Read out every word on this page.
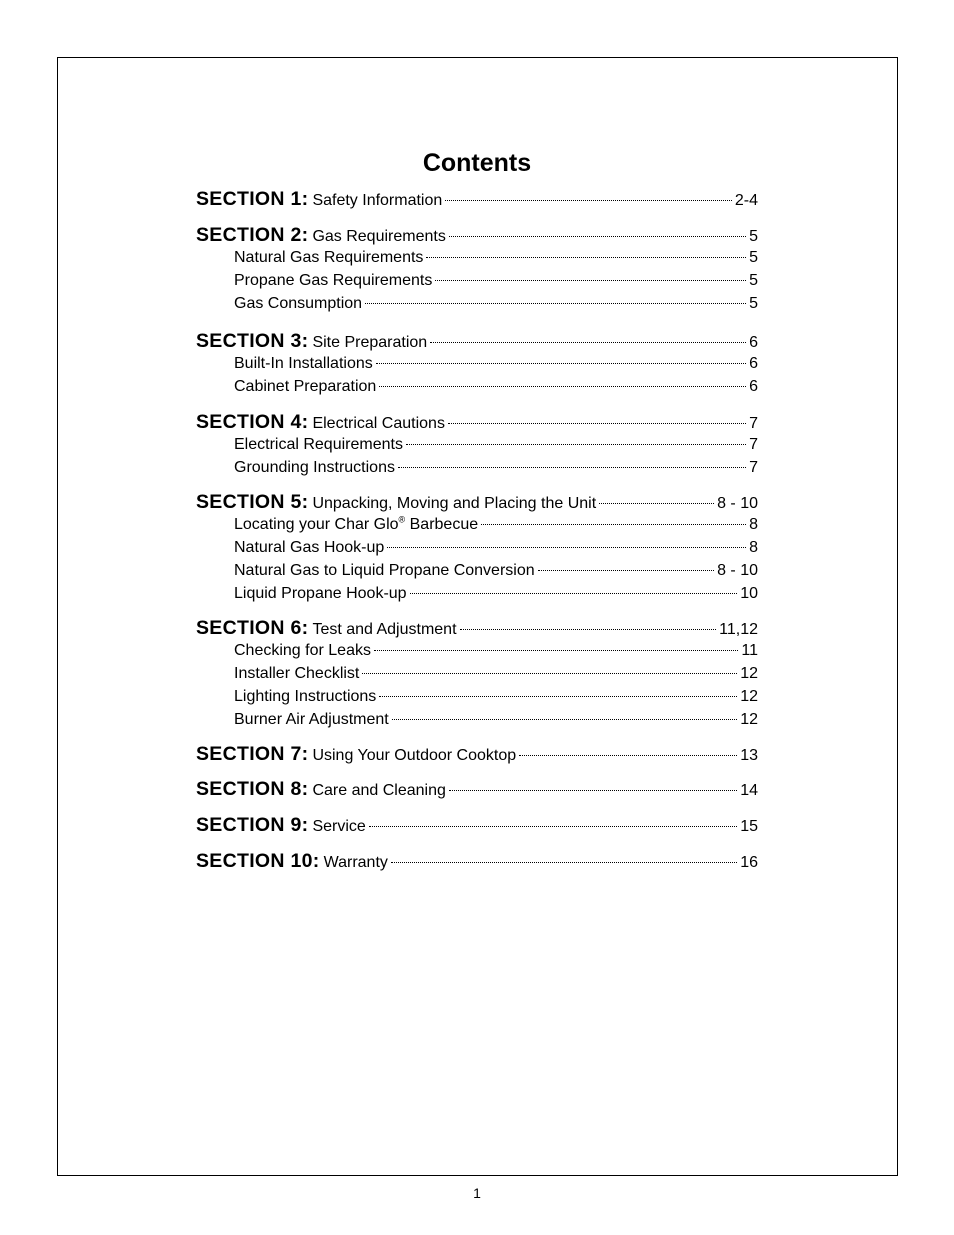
Contents
SECTION 1: Safety Information	2-4
SECTION 2: Gas Requirements	5
Natural Gas Requirements	5
Propane Gas Requirements	5
Gas Consumption	5
SECTION 3: Site Preparation	6
Built-In Installations	6
Cabinet Preparation	6
SECTION 4: Electrical Cautions	7
Electrical Requirements	7
Grounding Instructions	7
SECTION 5: Unpacking, Moving and Placing the Unit	8 - 10
Locating your Char Glo® Barbecue	8
Natural Gas Hook-up	8
Natural Gas to Liquid Propane Conversion	8 - 10
Liquid Propane Hook-up	10
SECTION 6: Test and Adjustment	11,12
Checking for Leaks	11
Installer Checklist	12
Lighting Instructions	12
Burner Air Adjustment	12
SECTION 7: Using Your Outdoor Cooktop	13
SECTION 8: Care and Cleaning	14
SECTION 9: Service	15
SECTION 10: Warranty	16
1
